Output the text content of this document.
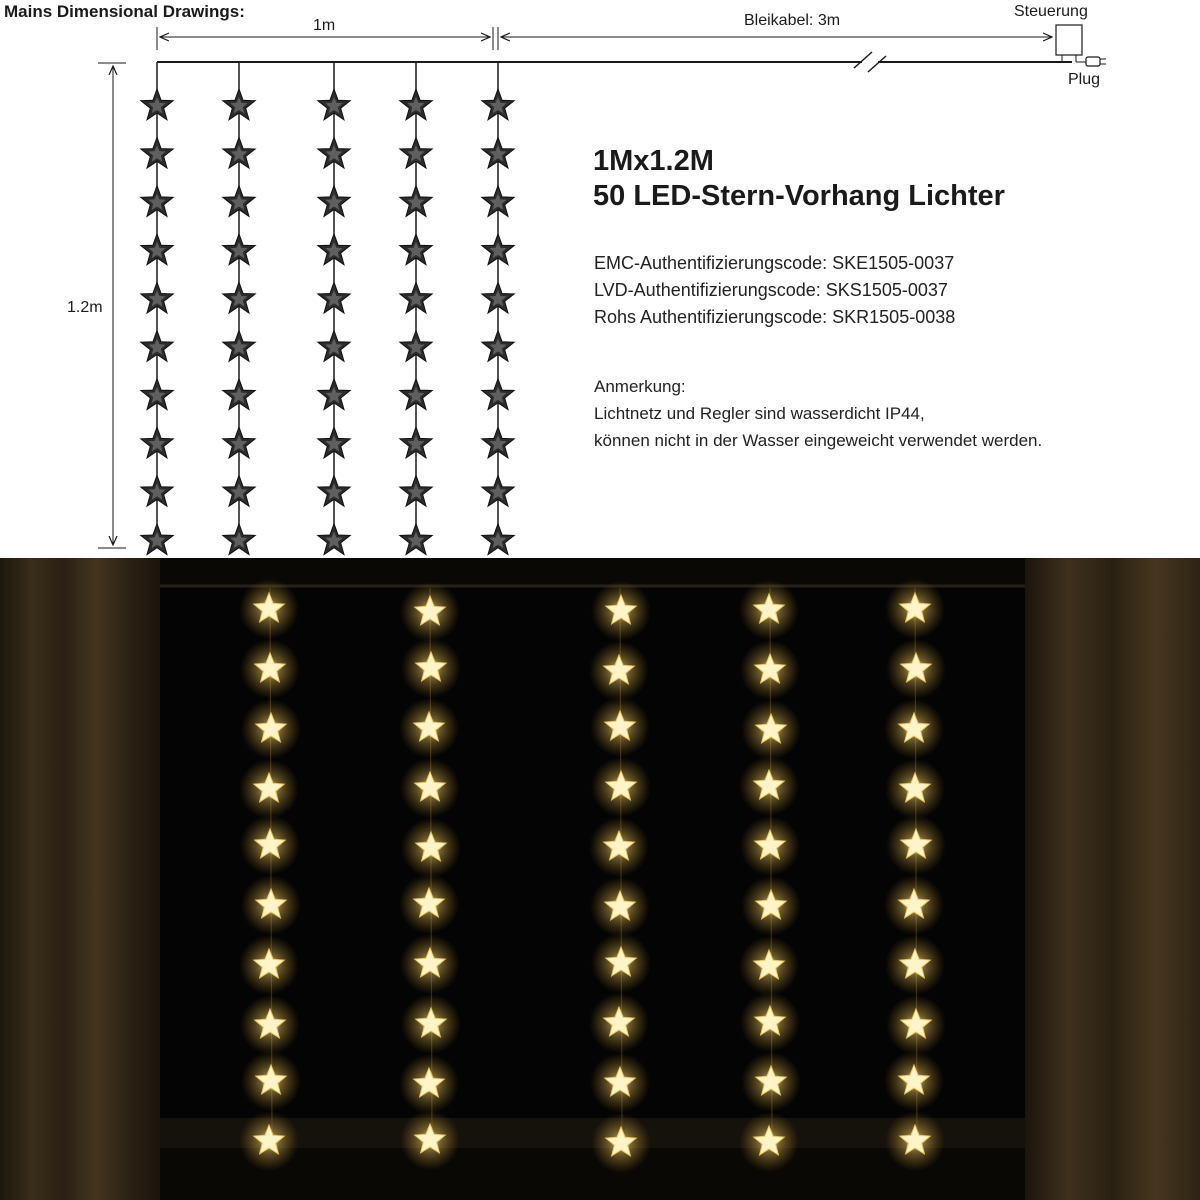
Mains Dimensional Drawings:
1m	Bleikabel: 3m
Steuerung
Plug
1.2m
1Mx1.2M
50 LED-Stern-Vorhang Lichter
EMC-Authentifizierungscode: SKE1505-0037
LVD-Authentifizierungscode: SKS1505-0037
Rohs Authentifizierungscode: SKR1505-0038
Anmerkung:
Lichtnetz und Regler sind wasserdicht IP44,
können nicht in der Wasser eingeweicht verwendet werden.
